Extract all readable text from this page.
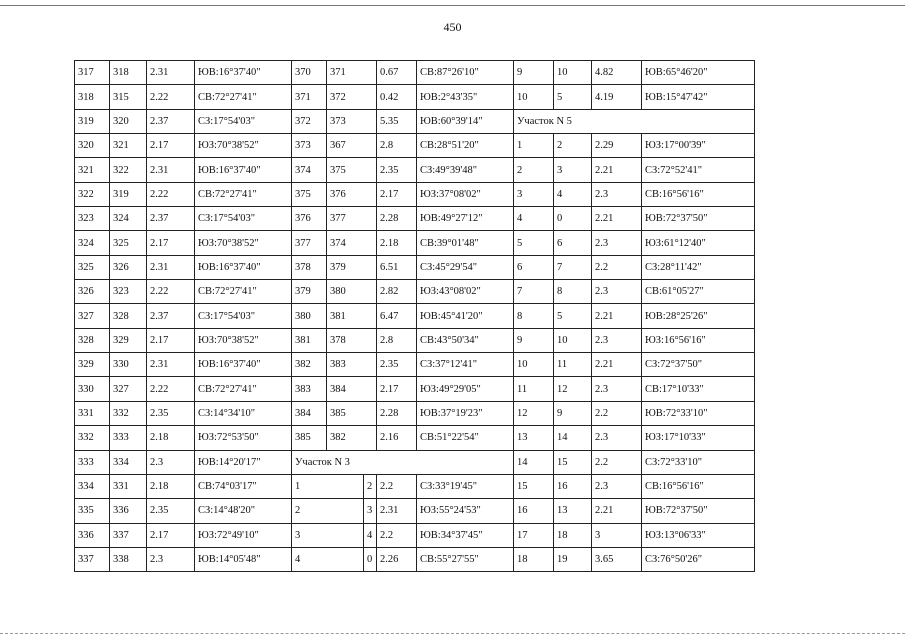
450
317	318	2.31	ЮВ:16°37'40"	370	371		0.67	СВ:87°26'10"	9	10	4.82	ЮВ:65°46'20"
318	315	2.22	СВ:72°27'41"	371	372		0.42	ЮВ:2°43'35"	10	5	4.19	ЮВ:15°47'42"
319	320	2.37	СЗ:17°54'03"	372	373		5.35	ЮВ:60°39'14"	Участок N 5			
320	321	2.17	ЮЗ:70°38'52"	373	367		2.8	СВ:28°51'20"	1	2	2.29	ЮЗ:17°00'39"
321	322	2.31	ЮВ:16°37'40"	374	375		2.35	СЗ:49°39'48"	2	3	2.21	СЗ:72°52'41"
322	319	2.22	СВ:72°27'41"	375	376		2.17	ЮЗ:37°08'02"	3	4	2.3	СВ:16°56'16"
323	324	2.37	СЗ:17°54'03"	376	377		2.28	ЮВ:49°27'12"	4	0	2.21	ЮВ:72°37'50"
324	325	2.17	ЮЗ:70°38'52"	377	374		2.18	СВ:39°01'48"	5	6	2.3	ЮЗ:61°12'40"
325	326	2.31	ЮВ:16°37'40"	378	379		6.51	СЗ:45°29'54"	6	7	2.2	СЗ:28°11'42"
326	323	2.22	СВ:72°27'41"	379	380		2.82	ЮЗ:43°08'02"	7	8	2.3	СВ:61°05'27"
327	328	2.37	СЗ:17°54'03"	380	381		6.47	ЮВ:45°41'20"	8	5	2.21	ЮВ:28°25'26"
328	329	2.17	ЮЗ:70°38'52"	381	378		2.8	СВ:43°50'34"	9	10	2.3	ЮЗ:16°56'16"
329	330	2.31	ЮВ:16°37'40"	382	383		2.35	СЗ:37°12'41"	10	11	2.21	СЗ:72°37'50"
330	327	2.22	СВ:72°27'41"	383	384		2.17	ЮЗ:49°29'05"	11	12	2.3	СВ:17°10'33"
331	332	2.35	СЗ:14°34'10"	384	385		2.28	ЮВ:37°19'23"	12	9	2.2	ЮВ:72°33'10"
332	333	2.18	ЮЗ:72°53'50"	385	382		2.16	СВ:51°22'54"	13	14	2.3	ЮЗ:17°10'33"
333	334	2.3	ЮВ:14°20'17"	Участок N 3					14	15	2.2	СЗ:72°33'10"
334	331	2.18	СВ:74°03'17"	1		2	2.2	СЗ:33°19'45"	15	16	2.3	СВ:16°56'16"
335	336	2.35	СЗ:14°48'20"	2		3	2.31	ЮЗ:55°24'53"	16	13	2.21	ЮВ:72°37'50"
336	337	2.17	ЮЗ:72°49'10"	3		4	2.2	ЮВ:34°37'45"	17	18	3	ЮЗ:13°06'33"
337	338	2.3	ЮВ:14°05'48"	4		0	2.26	СВ:55°27'55"	18	19	3.65	СЗ:76°50'26"
